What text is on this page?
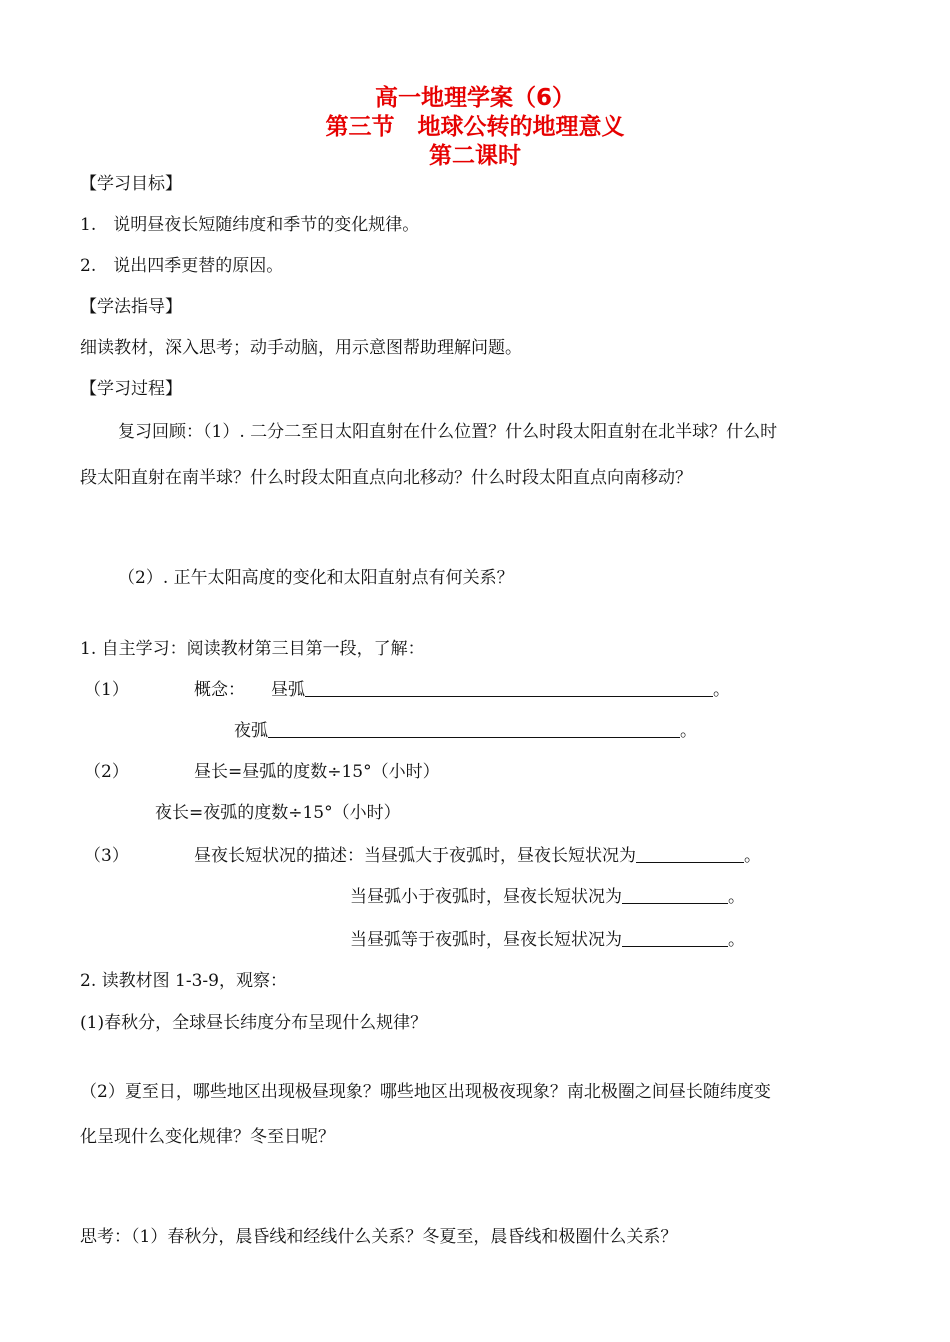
高一地理学案（6）
第三节　地球公转的地理意义
第二课时
【学习目标】
1.　说明昼夜长短随纬度和季节的变化规律。
2.　说出四季更替的原因。
【学法指导】
细读教材，深入思考；动手动脑，用示意图帮助理解问题。
【学习过程】
复习回顾：（1）. 二分二至日太阳直射在什么位置？什么时段太阳直射在北半球？什么时
段太阳直射在南半球？什么时段太阳直点向北移动？什么时段太阳直点向南移动？
（2）. 正午太阳高度的变化和太阳直射点有何关系？
1. 自主学习：阅读教材第三目第一段，了解：
（1）	概念： 昼弧	。
夜弧	。
（2）	昼长=昼弧的度数÷15°（小时）
夜长=夜弧的度数÷15°（小时）
（3）	昼夜长短状况的描述：当昼弧大于夜弧时，昼夜长短状况为	。
当昼弧小于夜弧时，昼夜长短状况为	。
当昼弧等于夜弧时，昼夜长短状况为	。
2. 读教材图 1-3-9，观察：
(1)春秋分，全球昼长纬度分布呈现什么规律？
（2）夏至日，哪些地区出现极昼现象？哪些地区出现极夜现象？南北极圈之间昼长随纬度变
化呈现什么变化规律？冬至日呢？
思考：（1）春秋分，晨昏线和经线什么关系？冬夏至，晨昏线和极圈什么关系？
